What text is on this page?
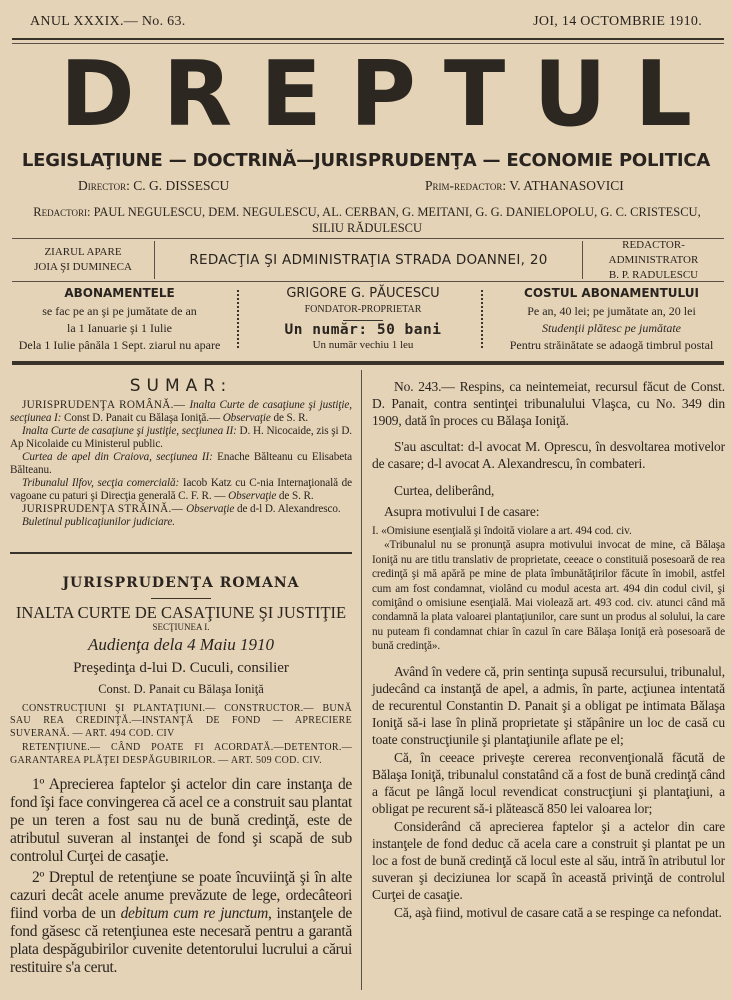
ANUL XXXIX.— No. 63.	JOI, 14 OCTOMBRIE 1910.
D R E P T U L
LEGISLAŢIUNE — DOCTRINĂ—JURISPRUDENŢA — ECONOMIE POLITICA
Director: C. G. DISSESCU	Prim-redactor: V. ATHANASOVICI
Redactori: PAUL NEGULESCU, DEM. NEGULESCU, AL. CERBAN, G. MEITANI, G. G. DANIELOPOLU, G. C. CRISTESCU,
SILIU RĂDULESCU
ZIARUL APARE
JOIA ŞI DUMINECA	REDACŢIA ŞI ADMINISTRAŢIA STRADA DOANNEI, 20
REDACTOR-ADMINISTRATOR
B. P. RADULESCU
ABONAMENTELE
se fac pe an şi pe jumătate de an
la 1 Ianuarie şi 1 Iulie
Dela 1 Iulie pânăla 1 Sept. ziarul nu apare
GRIGORE G. PĂUCESCU
FONDATOR-PROPRIETAR
Un număr: 50 bani
Un număr vechiu 1 leu
COSTUL ABONAMENTULUI
Pe an, 40 lei; pe jumătate an, 20 lei
Studenţii plătesc pe jumătate
Pentru străinătate se adaogă timbrul postal
SUMAR:
JURISPRUDENŢA ROMÂNĂ.— Inalta Curte de casaţiune şi justiţie, secţiunea I: Const D. Panait cu Bălaşa Ioniţă.— Observaţie de S. R.
Inalta Curte de casaţiune şi justiţie, secţiunea II: D. H. Nicocaide, zis şi D. Ap Nicolaide cu Ministerul public.
Curtea de apel din Craiova, secţiunea II: Enache Bălteanu cu Elisabeta Bălteanu.
Tribunalul Ilfov, secţia comercială: Iacob Katz cu C-nia Internaţională de vagoane cu paturi şi Direcţia generală C. F. R. — Observaţie de S. R.
JURISPRUDENŢA STRĂINĂ.— Observaţie de d-l D. Alexandresco.
Buletinul publicaţiunilor judiciare.
JURISPRUDENŢA ROMANA
INALTA CURTE DE CASAŢIUNE ŞI JUSTIŢIE
SECŢIUNEA I.
Audienţa dela 4 Maiu 1910
Preşedinţa d-lui D. Cuculi, consilier
Const. D. Panait cu Bălaşa Ioniţă
CONSTRUCŢIUNI ŞI PLANTAŢIUNI.— CONSTRUCTOR.— BUNĂ SAU REA CREDINŢĂ.—INSTANŢĂ DE FOND — APRECIERE SUVERANĂ. — ART. 494 COD. CIV
RETENŢIUNE.— CÂND POATE FI ACORDATĂ.—DETENTOR.— GARANTAREA PLĂŢEI DESPĂGUBIRILOR. — ART. 509 COD. CIV.
1º Aprecierea faptelor şi actelor din care instanţa de fond îşi face convingerea că acel ce a construit sau plantat pe un teren a fost sau nu de bună credinţă, este de atributul suveran al instanţei de fond şi scapă de sub controlul Curţei de casaţie.
2º Dreptul de retenţiune se poate încuviinţă şi în alte cazuri decât acele anume prevăzute de lege, ordecâteori fiind vorba de un debitum cum re junctum, instanţele de fond găsesc că retenţiunea este necesară pentru a garantă plata despăgubirilor cuvenite detentorului lucrului a cărui restituire s'a cerut.
No. 243.— Respins, ca neintemeiat, recursul făcut de Const. D. Panait, contra sentinţei tribunalului Vlaşca, cu No. 349 din 1909, dată în proces cu Bălaşa Ioniţă.
S'au ascultat: d-l avocat M. Oprescu, în desvoltarea motivelor de casare; d-l avocat A. Alexandrescu, în combateri.
Curtea, deliberând,
Asupra motivului I de casare:
I. «Omisiune esenţială şi îndoită violare a art. 494 cod. civ.
«Tribunalul nu se pronunţă asupra motivului invocat de mine, că Bălaşa Ioniţă nu are titlu translativ de proprietate, ceeace o constituiă posesoară de rea credinţă şi mă apără pe mine de plata îmbunătăţirilor făcute în imobil, astfel cum am fost condamnat, violând cu modul acesta art. 494 din codul civil, şi comiţând o omisiune esenţială. Mai violează art. 493 cod. civ. atunci când mă condamnă la plata valoarei plantaţiunilor, care sunt un produs al solului, la care nu puteam fi condamnat chiar în cazul în care Bălaşa Ioniţă erà posesoară de bună credinţă».
Având în vedere că, prin sentinţa supusă recursului, tribunalul, judecând ca instanţă de apel, a admis, în parte, acţiunea intentată de recurentul Constantin D. Panait şi a obligat pe intimata Bălaşa Ioniţă să-i lase în plină proprietate şi stăpânire un loc de casă cu toate construcţiunile şi plantaţiunile aflate pe el;
Că, în ceeace priveşte cererea reconvenţională făcută de Bălaşa Ioniţă, tribunalul constatând că a fost de bună credinţă când a făcut pe lângă locul revendicat construcţiuni şi plantaţiuni, a obligat pe recurent să-i plătească 850 lei valoarea lor;
Considerând că aprecierea faptelor şi a actelor din care instanţele de fond deduc că acela care a construit şi plantat pe un loc a fost de bună credinţă că locul este al său, intră în atributul lor suveran şi deciziunea lor scapă în această privinţă de controlul Curţei de casaţie.
Că, aşà fiind, motivul de casare cată a se respinge ca nefondat.
